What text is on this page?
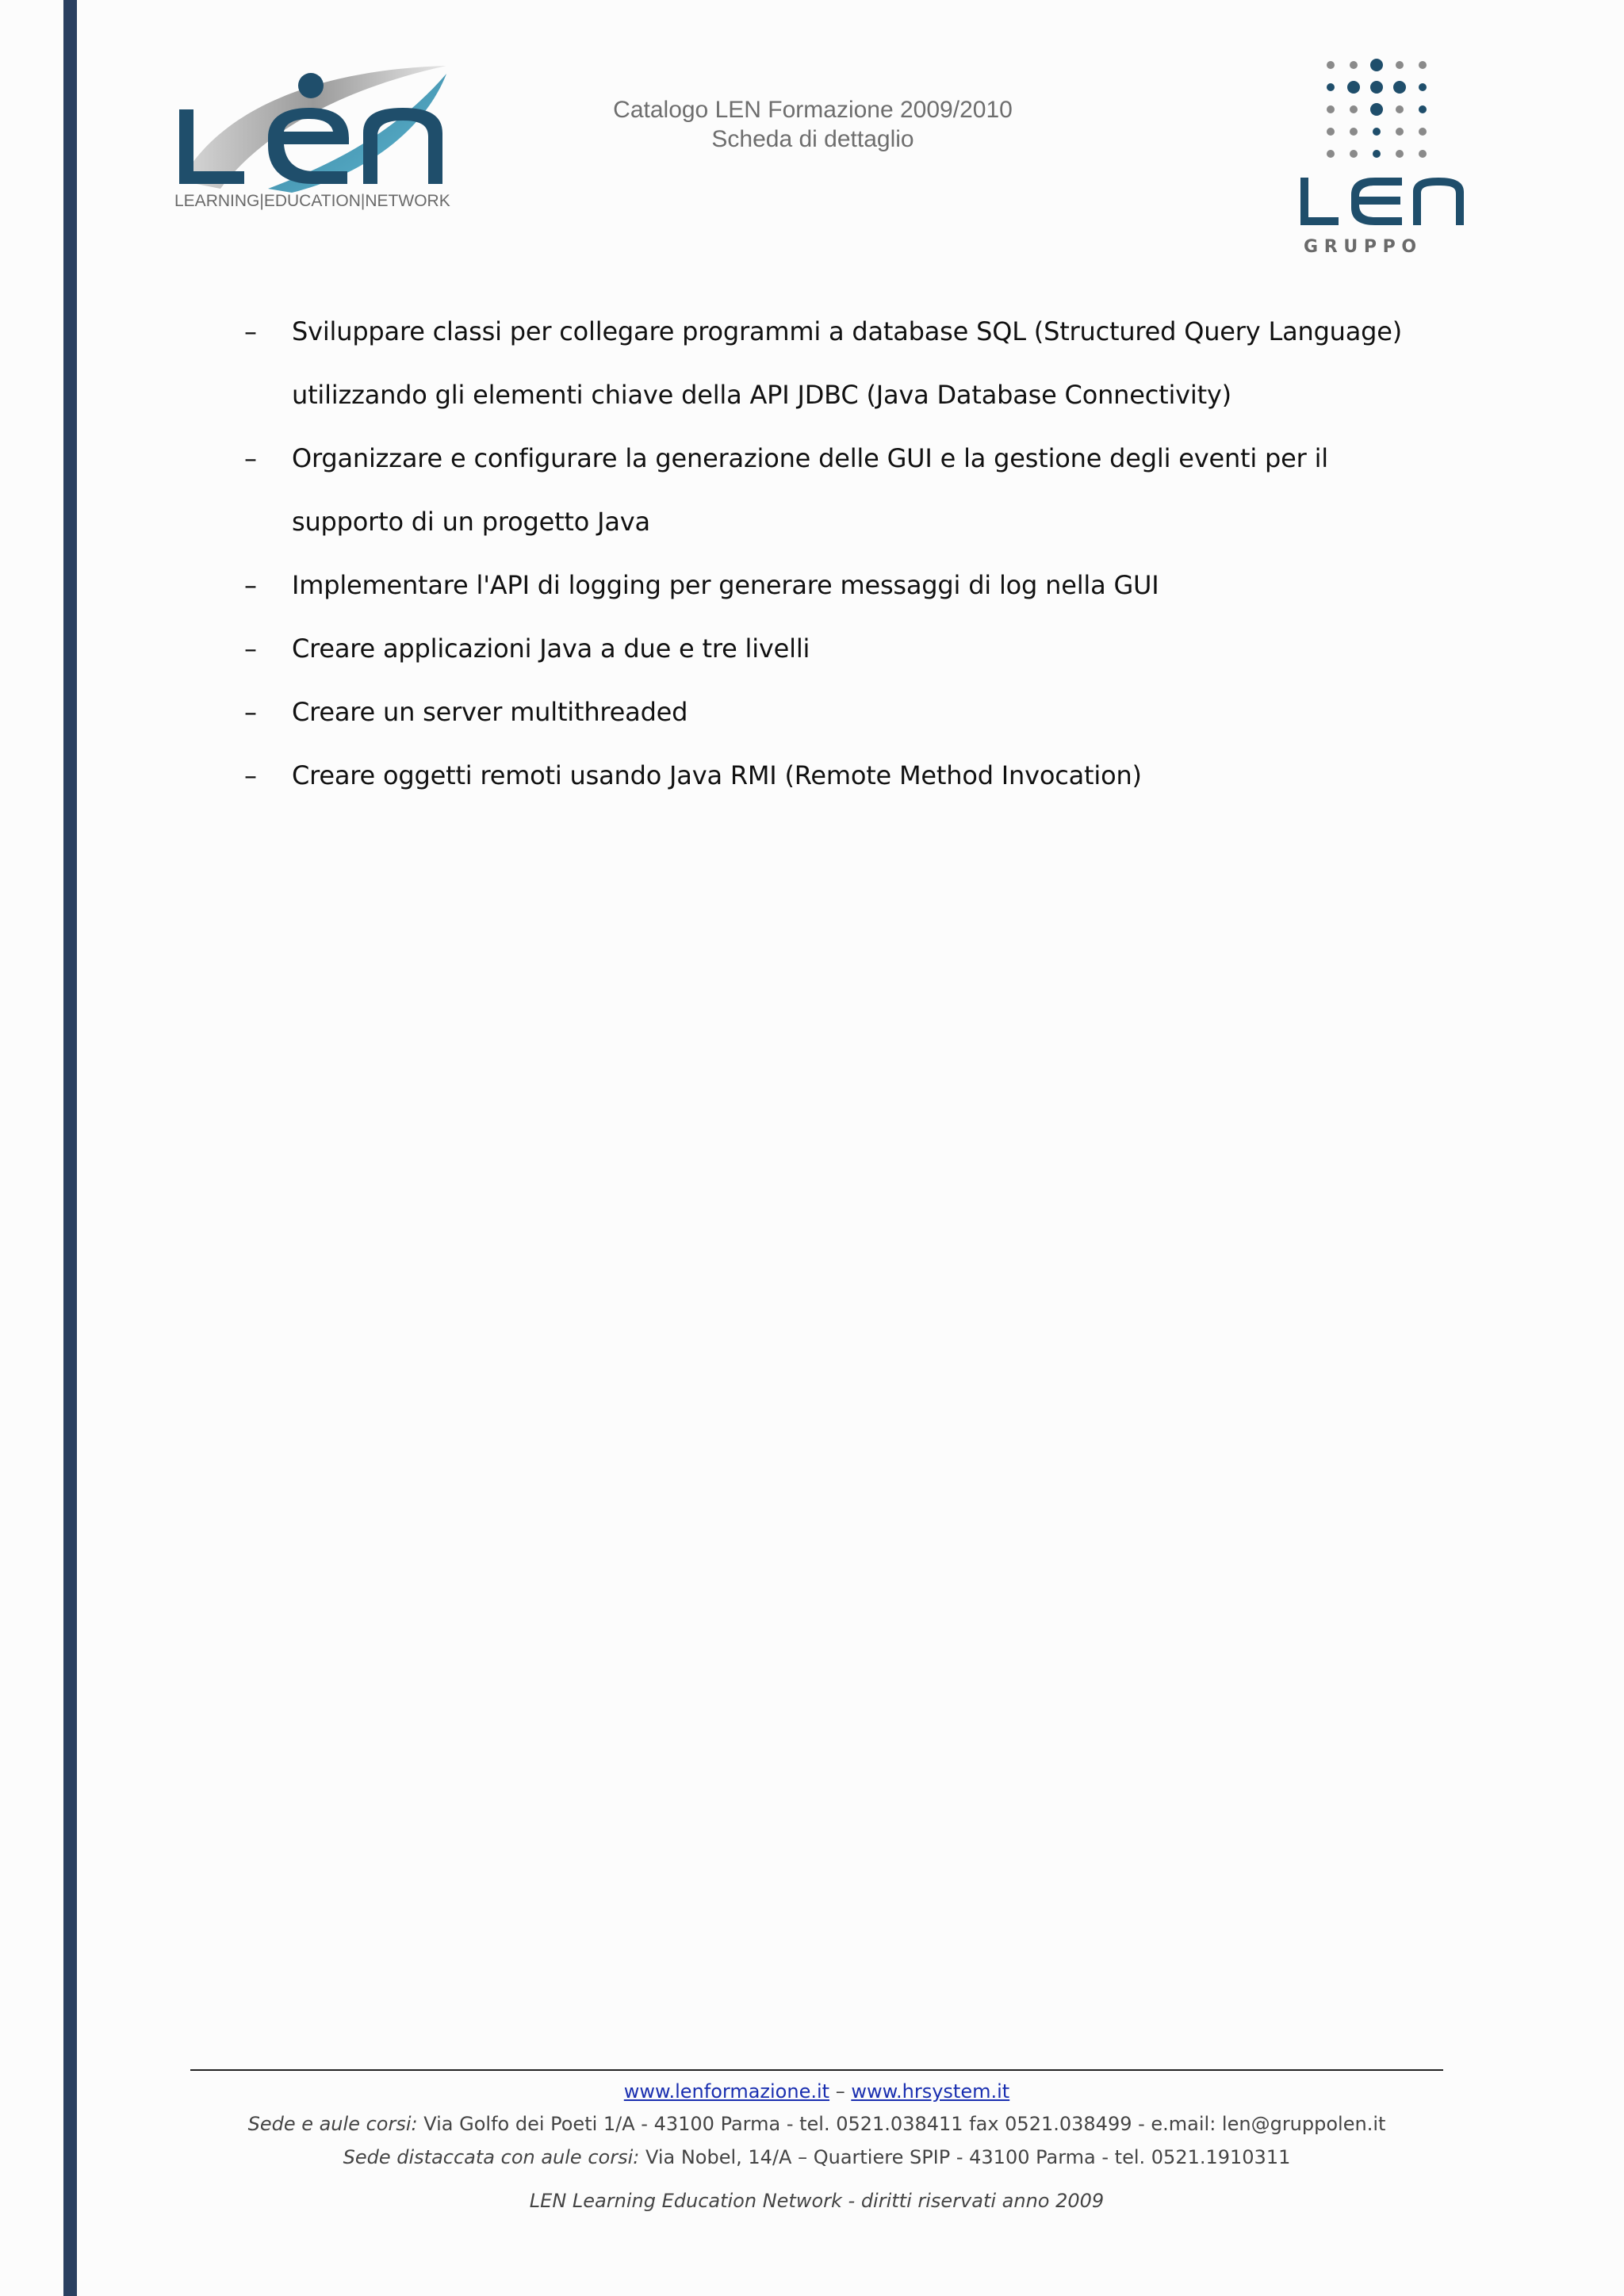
LEARNING|EDUCATION|NETWORK
Catalogo LEN Formazione 2009/2010
Scheda di dettaglio
G R U P P O
– Sviluppare classi per collegare programmi a database SQL (Structured Query Language) utilizzando gli elementi chiave della API JDBC (Java Database Connectivity)
– Organizzare e configurare la generazione delle GUI e la gestione degli eventi per il supporto di un progetto Java
– Implementare l'API di logging per generare messaggi di log nella GUI
– Creare applicazioni Java a due e tre livelli
– Creare un server multithreaded
– Creare oggetti remoti usando Java RMI (Remote Method Invocation)
www.lenformazione.it – www.hrsystem.it
Sede e aule corsi: Via Golfo dei Poeti 1/A - 43100 Parma - tel. 0521.038411 fax 0521.038499 - e.mail: len@gruppolen.it
Sede distaccata con aule corsi: Via Nobel, 14/A – Quartiere SPIP - 43100 Parma - tel. 0521.1910311
LEN Learning Education Network - diritti riservati anno 2009
